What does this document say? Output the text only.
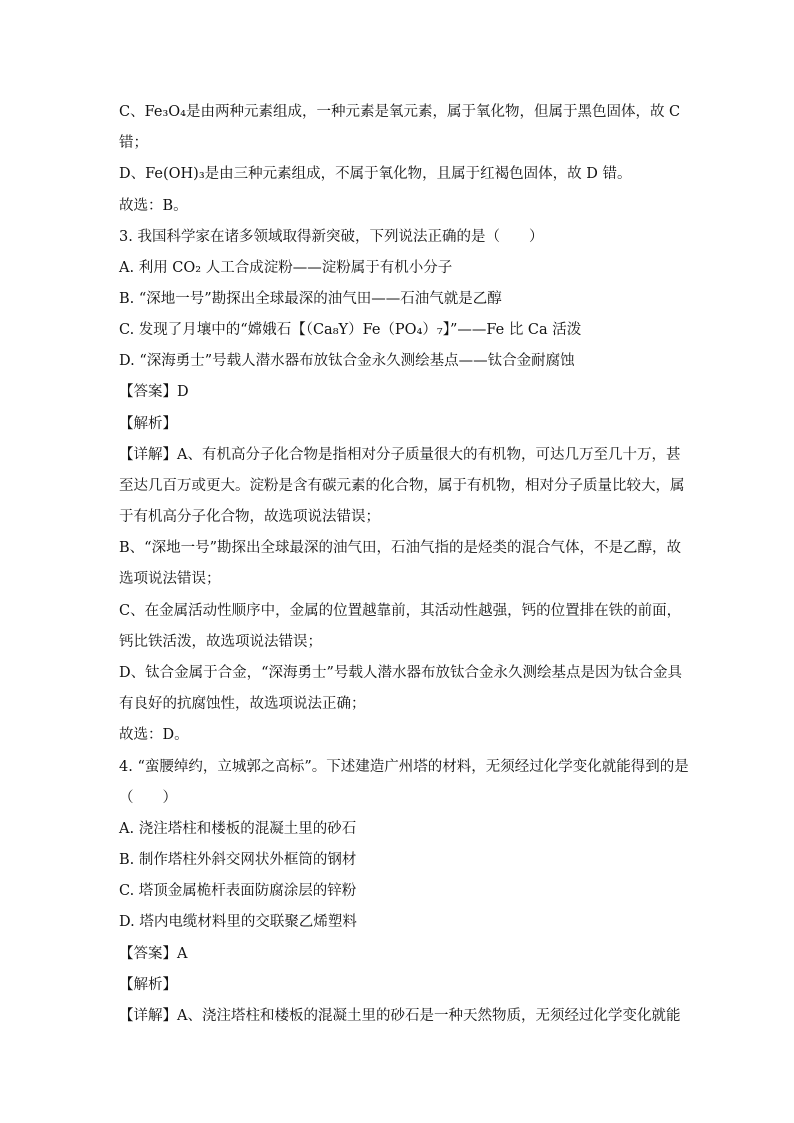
C、Fe₃O₄是由两种元素组成，一种元素是氧元素，属于氧化物，但属于黑色固体，故 C
错；
D、Fe(OH)₃是由三种元素组成，不属于氧化物，且属于红褐色固体，故 D 错。
故选：B。
3. 我国科学家在诸多领域取得新突破，下列说法正确的是（　　）
A. 利用 CO₂ 人工合成淀粉——淀粉属于有机小分子
B. “深地一号”勘探出全球最深的油气田——石油气就是乙醇
C. 发现了月壤中的“嫦娥石【（Ca₈Y）Fe（PO₄）₇】”——Fe 比 Ca 活泼
D. “深海勇士”号载人潜水器布放钛合金永久测绘基点——钛合金耐腐蚀
【答案】D
【解析】
【详解】A、有机高分子化合物是指相对分子质量很大的有机物，可达几万至几十万，甚
至达几百万或更大。淀粉是含有碳元素的化合物，属于有机物，相对分子质量比较大，属
于有机高分子化合物，故选项说法错误；
B、“深地一号”勘探出全球最深的油气田，石油气指的是烃类的混合气体，不是乙醇，故
选项说法错误；
C、在金属活动性顺序中，金属的位置越靠前，其活动性越强，钙的位置排在铁的前面，
钙比铁活泼，故选项说法错误；
D、钛合金属于合金，“深海勇士”号载人潜水器布放钛合金永久测绘基点是因为钛合金具
有良好的抗腐蚀性，故选项说法正确；
故选：D。
4. “蛮腰绰约，立城郭之高标”。下述建造广州塔的材料，无须经过化学变化就能得到的是
（　　）
A. 浇注塔柱和楼板的混凝土里的砂石
B. 制作塔柱外斜交网状外框筒的钢材
C. 塔顶金属桅杆表面防腐涂层的锌粉
D. 塔内电缆材料里的交联聚乙烯塑料
【答案】A
【解析】
【详解】A、浇注塔柱和楼板的混凝土里的砂石是一种天然物质，无须经过化学变化就能
